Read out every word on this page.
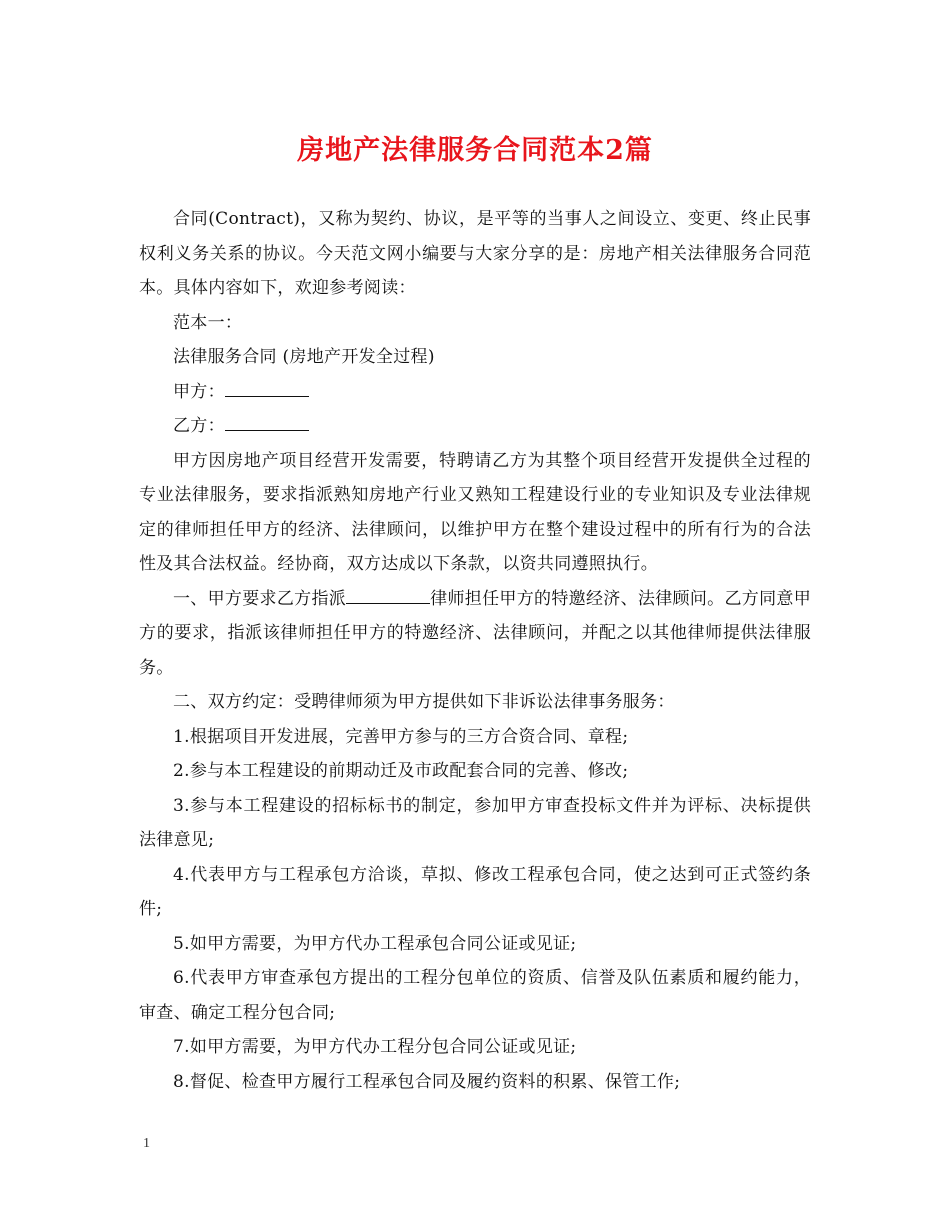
房地产法律服务合同范本2篇

合同(Contract)，又称为契约、协议，是平等的当事人之间设立、变更、终止民事权利义务关系的协议。今天范文网小编要与大家分享的是：房地产相关法律服务合同范本。具体内容如下，欢迎参考阅读：

范本一：

法律服务合同 (房地产开发全过程)

甲方：

乙方：

甲方因房地产项目经营开发需要，特聘请乙方为其整个项目经营开发提供全过程的专业法律服务，要求指派熟知房地产行业又熟知工程建设行业的专业知识及专业法律规定的律师担任甲方的经济、法律顾问，以维护甲方在整个建设过程中的所有行为的合法性及其合法权益。经协商，双方达成以下条款，以资共同遵照执行。

一、甲方要求乙方指派	律师担任甲方的特邀经济、法律顾问。乙方同意甲方的要求，指派该律师担任甲方的特邀经济、法律顾问，并配之以其他律师提供法律服务。

二、双方约定：受聘律师须为甲方提供如下非诉讼法律事务服务：

1.根据项目开发进展，完善甲方参与的三方合资合同、章程;

2.参与本工程建设的前期动迁及市政配套合同的完善、修改;

3.参与本工程建设的招标标书的制定，参加甲方审查投标文件并为评标、决标提供法律意见;

4.代表甲方与工程承包方洽谈，草拟、修改工程承包合同，使之达到可正式签约条件;

5.如甲方需要，为甲方代办工程承包合同公证或见证;

6.代表甲方审查承包方提出的工程分包单位的资质、信誉及队伍素质和履约能力，审查、确定工程分包合同;

7.如甲方需要，为甲方代办工程分包合同公证或见证;

8.督促、检查甲方履行工程承包合同及履约资料的积累、保管工作;

1
